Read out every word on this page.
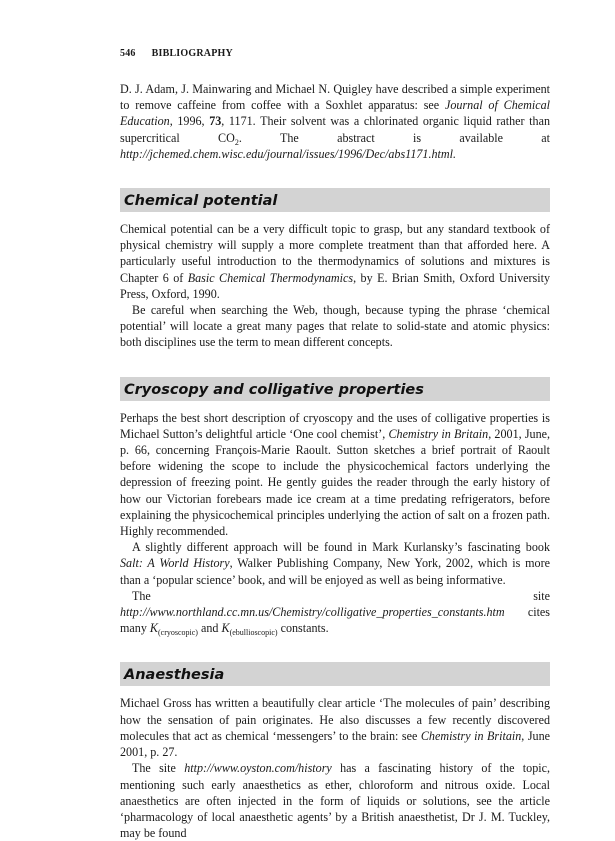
546 BIBLIOGRAPHY

D. J. Adam, J. Mainwaring and Michael N. Quigley have described a simple experiment to remove caffeine from coffee with a Soxhlet apparatus: see Journal of Chemical Education, 1996, 73, 1171. Their solvent was a chlorinated organic liquid rather than supercritical $CO_2$. The abstract is available at http://jchemed.chem.wisc.edu/journal/issues/1996/Dec/abs1171.html.

Chemical potential

Chemical potential can be a very difficult topic to grasp, but any standard textbook of physical chemistry will supply a more complete treatment than that afforded here. A particularly useful introduction to the thermodynamics of solutions and mixtures is Chapter 6 of Basic Chemical Thermodynamics, by E. Brian Smith, Oxford University Press, Oxford, 1990.

Be careful when searching the Web, though, because typing the phrase ‘chemical potential’ will locate a great many pages that relate to solid-state and atomic physics: both disciplines use the term to mean different concepts.

Cryoscopy and colligative properties

Perhaps the best short description of cryoscopy and the uses of colligative properties is Michael Sutton’s delightful article ‘One cool chemist’, Chemistry in Britain, 2001, June, p. 66, concerning François-Marie Raoult. Sutton sketches a brief portrait of Raoult before widening the scope to include the physicochemical factors underlying the depression of freezing point. He gently guides the reader through the early history of how our Victorian forebears made ice cream at a time predating refrigerators, before explaining the physicochemical principles underlying the action of salt on a frozen path. Highly recommended.

A slightly different approach will be found in Mark Kurlansky’s fascinating book Salt: A World History, Walker Publishing Company, New York, 2002, which is more than a ‘popular science’ book, and will be enjoyed as well as being informative.

The site http://www.northland.cc.mn.us/Chemistry/colligative_properties_constants.htm cites many $K_{(cryoscopic)}$ and $K_{(ebullioscopic)}$ constants.

Anaesthesia

Michael Gross has written a beautifully clear article ‘The molecules of pain’ describing how the sensation of pain originates. He also discusses a few recently discovered molecules that act as chemical ‘messengers’ to the brain: see Chemistry in Britain, June 2001, p. 27.

The site http://www.oyston.com/history has a fascinating history of the topic, mentioning such early anaesthetics as ether, chloroform and nitrous oxide. Local anaesthetics are often injected in the form of liquids or solutions, see the article ‘pharmacology of local anaesthetic agents’ by a British anaesthetist, Dr J. M. Tuckley, may be found
